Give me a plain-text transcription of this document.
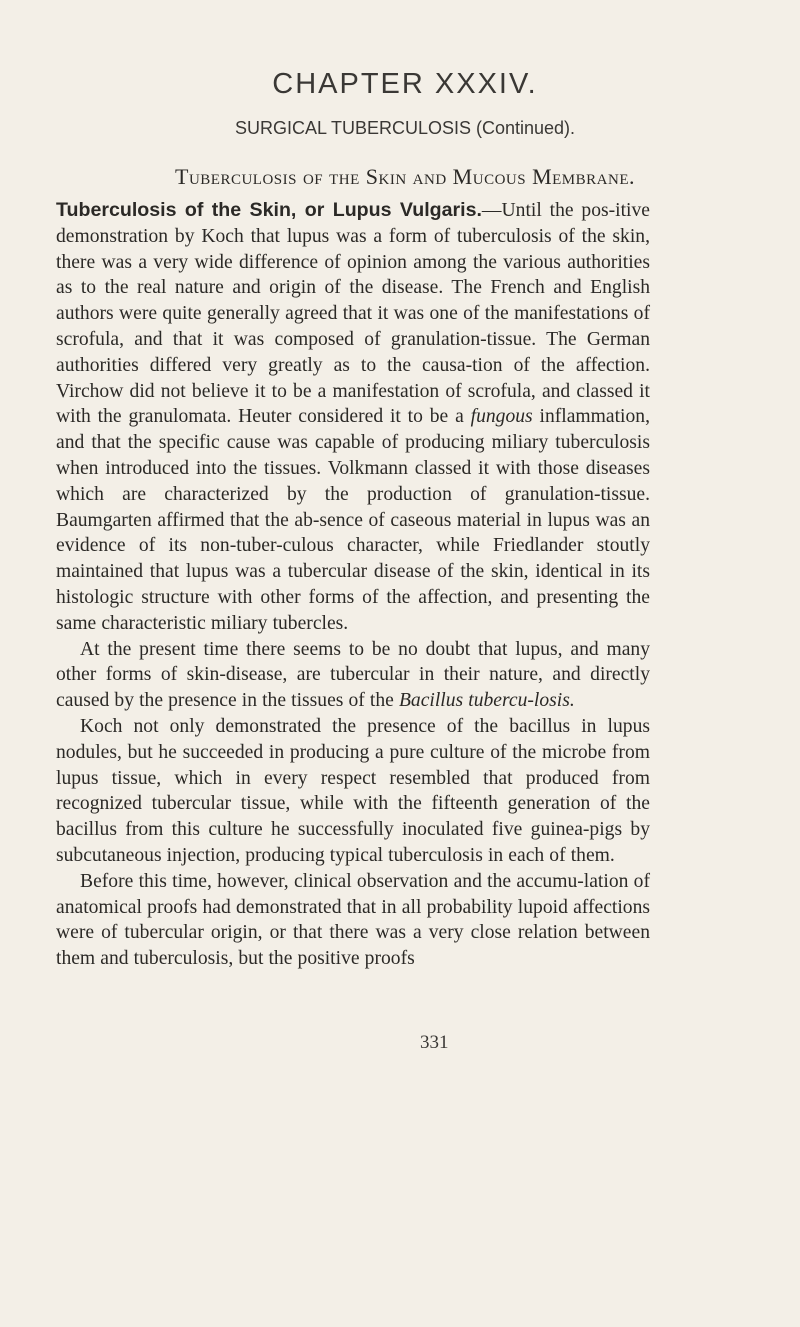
CHAPTER XXXIV.
SURGICAL TUBERCULOSIS (Continued).
Tuberculosis of the Skin and Mucous Membrane.

Tuberculosis of the Skin, or Lupus Vulgaris.—Until the pos-itive demonstration by Koch that lupus was a form of tuberculosis of the skin, there was a very wide difference of opinion among the various authorities as to the real nature and origin of the disease. The French and English authors were quite generally agreed that it was one of the manifestations of scrofula, and that it was composed of granulation-tissue. The German authorities differed very greatly as to the causa-tion of the affection. Virchow did not believe it to be a manifestation of scrofula, and classed it with the granulomata. Heuter considered it to be a fungous inflammation, and that the specific cause was capable of producing miliary tuberculosis when introduced into the tissues. Volkmann classed it with those diseases which are characterized by the production of granulation-tissue. Baumgarten affirmed that the ab-sence of caseous material in lupus was an evidence of its non-tuber-culous character, while Friedlander stoutly maintained that lupus was a tubercular disease of the skin, identical in its histologic structure with other forms of the affection, and presenting the same characteristic miliary tubercles.

At the present time there seems to be no doubt that lupus, and many other forms of skin-disease, are tubercular in their nature, and directly caused by the presence in the tissues of the Bacillus tubercu-losis.

Koch not only demonstrated the presence of the bacillus in lupus nodules, but he succeeded in producing a pure culture of the microbe from lupus tissue, which in every respect resembled that produced from recognized tubercular tissue, while with the fifteenth generation of the bacillus from this culture he successfully inoculated five guinea-pigs by subcutaneous injection, producing typical tuberculosis in each of them.

Before this time, however, clinical observation and the accumu-lation of anatomical proofs had demonstrated that in all probability lupoid affections were of tubercular origin, or that there was a very close relation between them and tuberculosis, but the positive proofs

331
